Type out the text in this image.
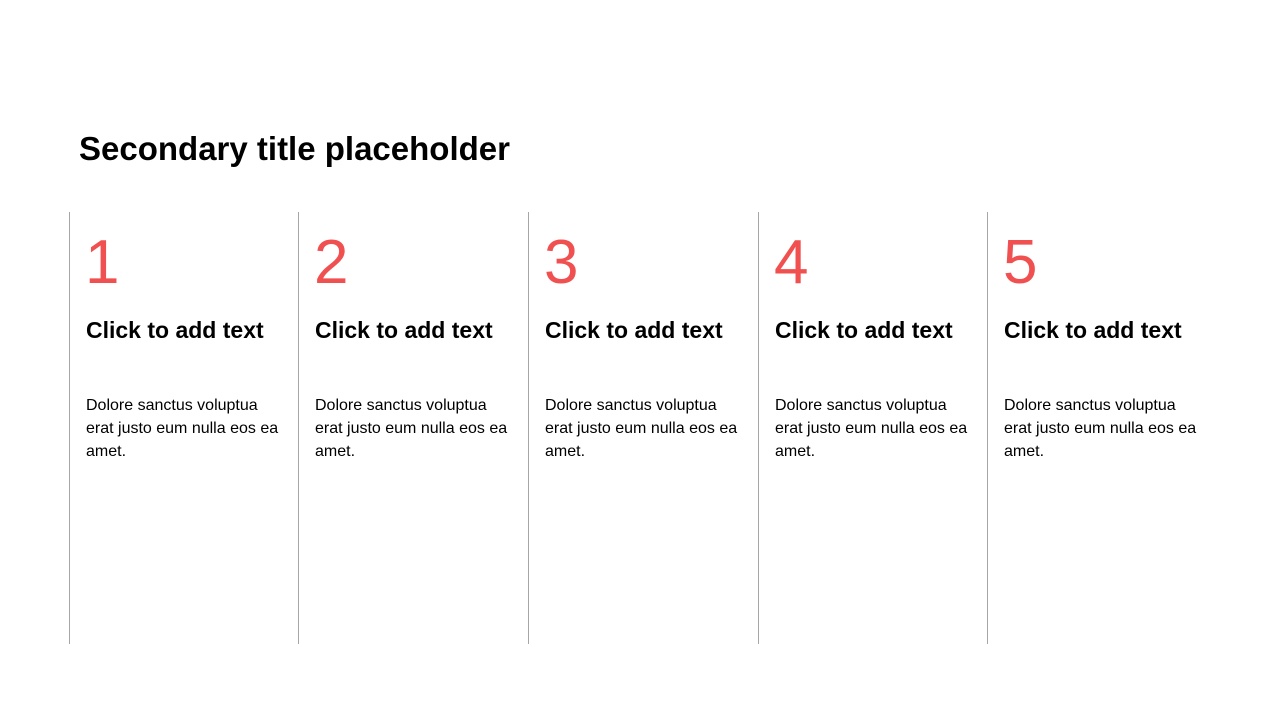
Secondary title placeholder
1
Click to add text
Dolore sanctus voluptua erat justo eum nulla eos ea amet.
2
Click to add text
Dolore sanctus voluptua erat justo eum nulla eos ea amet.
3
Click to add text
Dolore sanctus voluptua erat justo eum nulla eos ea amet.
4
Click to add text
Dolore sanctus voluptua erat justo eum nulla eos ea amet.
5
Click to add text
Dolore sanctus voluptua erat justo eum nulla eos ea amet.
